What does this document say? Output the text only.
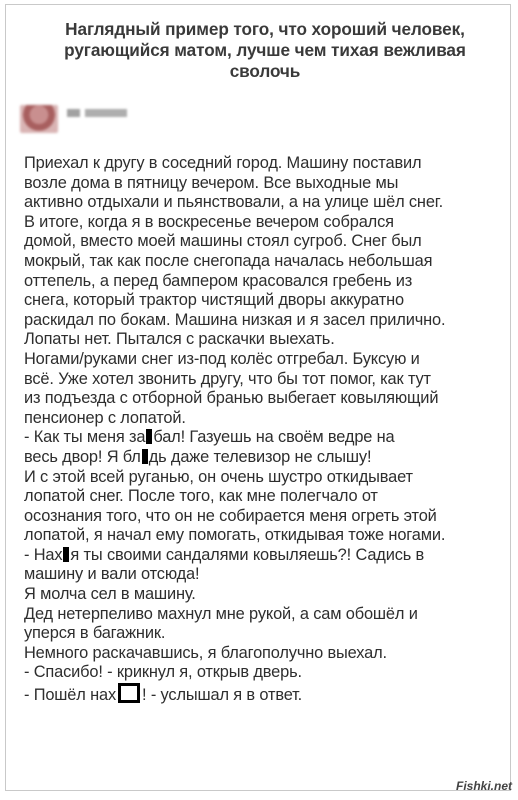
Наглядный пример того, что хороший человек,
ругающийся матом, лучше чем тихая вежливая
сволочь
Приехал к другу в соседний город. Машину поставил
возле дома в пятницу вечером. Все выходные мы
активно отдыхали и пьянствовали, а на улице шёл снег.
В итоге, когда я в воскресенье вечером собрался
домой, вместо моей машины стоял сугроб. Снег был
мокрый, так как после снегопада началась небольшая
оттепель, а перед бампером красовался гребень из
снега, который трактор чистящий дворы аккуратно
раскидал по бокам. Машина низкая и я засел прилично.
Лопаты нет. Пытался с раскачки выехать.
Ногами/руками снег из-под колёс отгребал. Буксую и
всё. Уже хотел звонить другу, что бы тот помог, как тут
из подъезда с отборной бранью выбегает ковыляющий
пенсионер с лопатой.
- Как ты меня за бал! Газуешь на своём ведре на
весь двор! Я бл дь даже телевизор не слышу!
И с этой всей руганью, он очень шустро откидывает
лопатой снег. После того, как мне полегчало от
осознания того, что он не собирается меня огреть этой
лопатой, я начал ему помогать, откидывая тоже ногами.
- Нах я ты своими сандалями ковыляешь?! Садись в
машину и вали отсюда!
Я молча сел в машину.
Дед нетерпеливо махнул мне рукой, а сам обошёл и
уперся в багажник.
Немного раскачавшись, я благополучно выехал.
- Спасибо! - крикнул я, открыв дверь.
- Пошёл нах ! - услышал я в ответ.
Fishki.net
